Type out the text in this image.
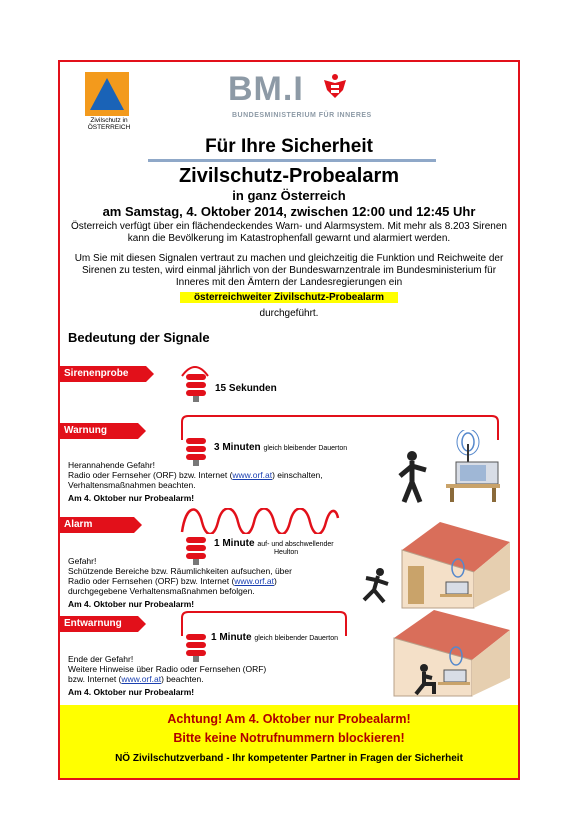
Zivilschutz in
ÖSTERREICH
BM.I
BUNDESMINISTERIUM FÜR INNERES
Für Ihre Sicherheit
Zivilschutz-Probealarm
in ganz Österreich
am Samstag, 4. Oktober 2014, zwischen 12:00 und 12:45 Uhr
Österreich verfügt über ein flächendeckendes Warn- und Alarmsystem. Mit mehr als 8.203 Sirenen kann die Bevölkerung im Katastrophenfall gewarnt und alarmiert werden.
Um Sie mit diesen Signalen vertraut zu machen und gleichzeitig die Funktion und Reichweite der Sirenen zu testen, wird einmal jährlich von der Bundeswarnzentrale im Bundesministerium für Inneres mit den Ämtern der Landesregierungen ein
österreichweiter Zivilschutz-Probealarm
durchgeführt.
Bedeutung der Signale
Sirenenprobe
15 Sekunden
Warnung
3 Minuten gleich bleibender Dauerton
Herannahende Gefahr!
Radio oder Fernseher (ORF) bzw. Internet (www.orf.at) einschalten,
Verhaltensmaßnahmen beachten.
Am 4. Oktober nur Probealarm!
Alarm
1 Minute auf- und abschwellender
Heulton
Gefahr!
Schützende Bereiche bzw. Räumlichkeiten aufsuchen, über
Radio oder Fernsehen (ORF) bzw. Internet (www.orf.at)
durchgegebene Verhaltensmaßnahmen befolgen.
Am 4. Oktober nur Probealarm!
Entwarnung
1 Minute gleich bleibender Dauerton
Ende der Gefahr!
Weitere Hinweise über Radio oder Fernsehen (ORF)
bzw. Internet (www.orf.at) beachten.
Am 4. Oktober nur Probealarm!
Achtung! Am 4. Oktober nur Probealarm!
Bitte keine Notrufnummern blockieren!
NÖ Zivilschutzverband - Ihr kompetenter Partner in Fragen der Sicherheit
